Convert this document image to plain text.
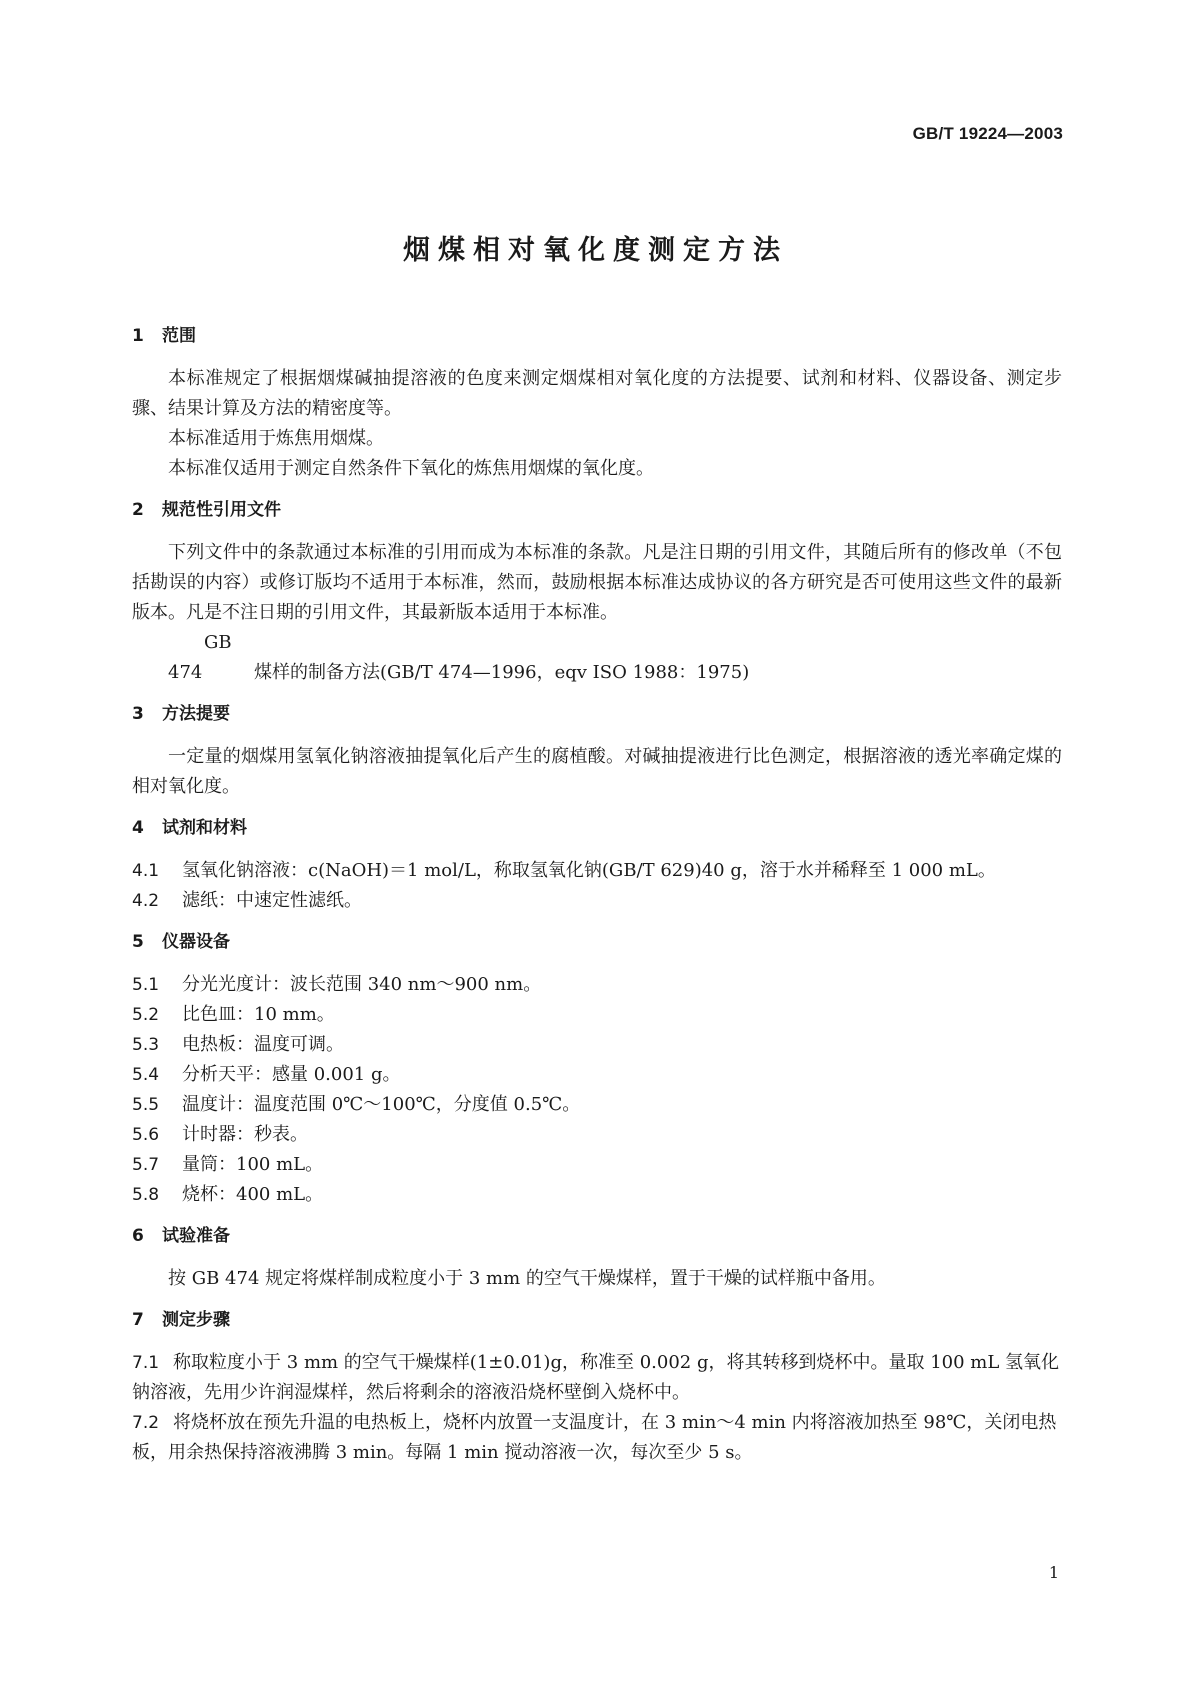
GB/T 19224—2003
烟煤相对氧化度测定方法
1 范围

本标准规定了根据烟煤碱抽提溶液的色度来测定烟煤相对氧化度的方法提要、试剂和材料、仪器设备、测定步骤、结果计算及方法的精密度等。

本标准适用于炼焦用烟煤。

本标准仅适用于测定自然条件下氧化的炼焦用烟煤的氧化度。

2 规范性引用文件

下列文件中的条款通过本标准的引用而成为本标准的条款。凡是注日期的引用文件，其随后所有的修改单（不包括勘误的内容）或修订版均不适用于本标准，然而，鼓励根据本标准达成协议的各方研究是否可使用这些文件的最新版本。凡是不注日期的引用文件，其最新版本适用于本标准。

GB 474	煤样的制备方法(GB/T 474—1996，eqv ISO 1988：1975)

3 方法提要

一定量的烟煤用氢氧化钠溶液抽提氧化后产生的腐植酸。对碱抽提液进行比色测定，根据溶液的透光率确定煤的相对氧化度。

4 试剂和材料

4.1 氢氧化钠溶液：c(NaOH)＝1 mol/L，称取氢氧化钠(GB/T 629)40 g，溶于水并稀释至 1 000 mL。

4.2 滤纸：中速定性滤纸。

5 仪器设备

5.1 分光光度计：波长范围 340 nm～900 nm。

5.2 比色皿：10 mm。

5.3 电热板：温度可调。

5.4 分析天平：感量 0.001 g。

5.5 温度计：温度范围 0℃～100℃，分度值 0.5℃。

5.6 计时器：秒表。

5.7 量筒：100 mL。

5.8 烧杯：400 mL。

6 试验准备

按 GB 474 规定将煤样制成粒度小于 3 mm 的空气干燥煤样，置于干燥的试样瓶中备用。

7 测定步骤

7.1 称取粒度小于 3 mm 的空气干燥煤样(1±0.01)g，称准至 0.002 g，将其转移到烧杯中。量取 100 mL 氢氧化钠溶液，先用少许润湿煤样，然后将剩余的溶液沿烧杯壁倒入烧杯中。

7.2 将烧杯放在预先升温的电热板上，烧杯内放置一支温度计，在 3 min～4 min 内将溶液加热至 98℃，关闭电热板，用余热保持溶液沸腾 3 min。每隔 1 min 搅动溶液一次，每次至少 5 s。

1
